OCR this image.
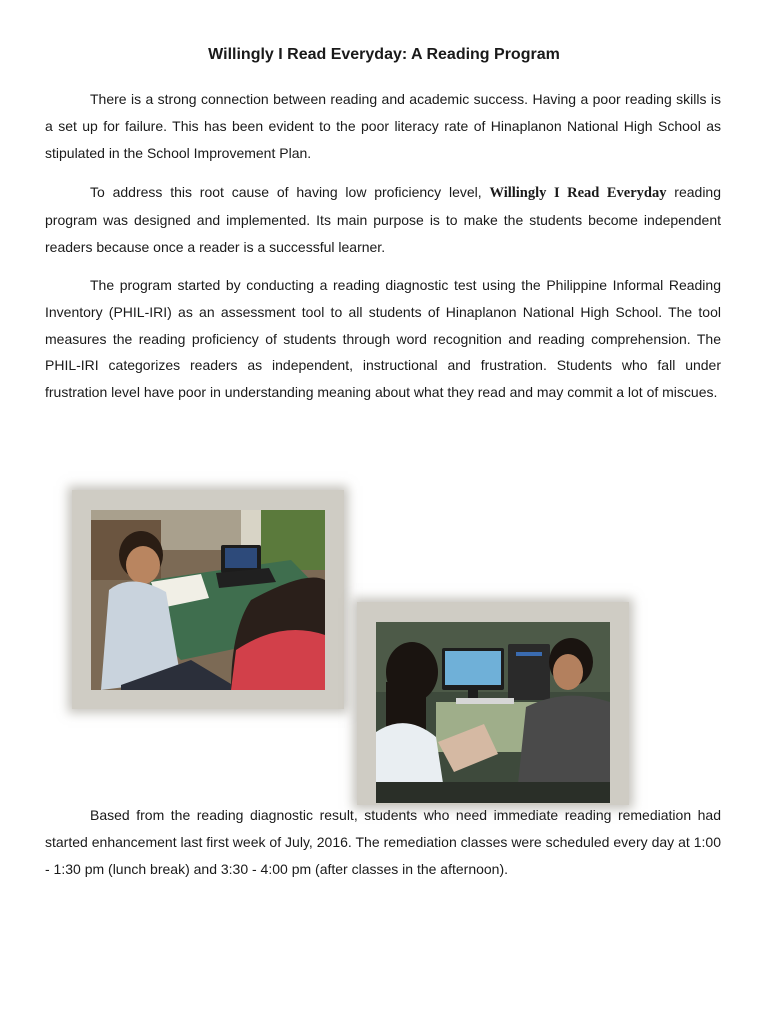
Willingly I Read Everyday: A Reading Program

There is a strong connection between reading and academic success. Having a poor reading skills is a set up for failure. This has been evident to the poor literacy rate of Hinaplanon National High School as stipulated in the School Improvement Plan.

To address this root cause of having low proficiency level, Willingly I Read Everyday reading program was designed and implemented. Its main purpose is to make the students become independent readers because once a reader is a successful learner.

The program started by conducting a reading diagnostic test using the Philippine Informal Reading Inventory (PHIL-IRI) as an assessment tool to all students of Hinaplanon National High School. The tool measures the reading proficiency of students through word recognition and reading comprehension. The PHIL-IRI categorizes readers as independent, instructional and frustration. Students who fall under frustration level have poor in understanding meaning about what they read and may commit a lot of miscues.

Based from the reading diagnostic result, students who need immediate reading remediation had started enhancement last first week of July, 2016. The remediation classes were scheduled every day at 1:00 - 1:30 pm (lunch break) and 3:30 - 4:00 pm (after classes in the afternoon).
